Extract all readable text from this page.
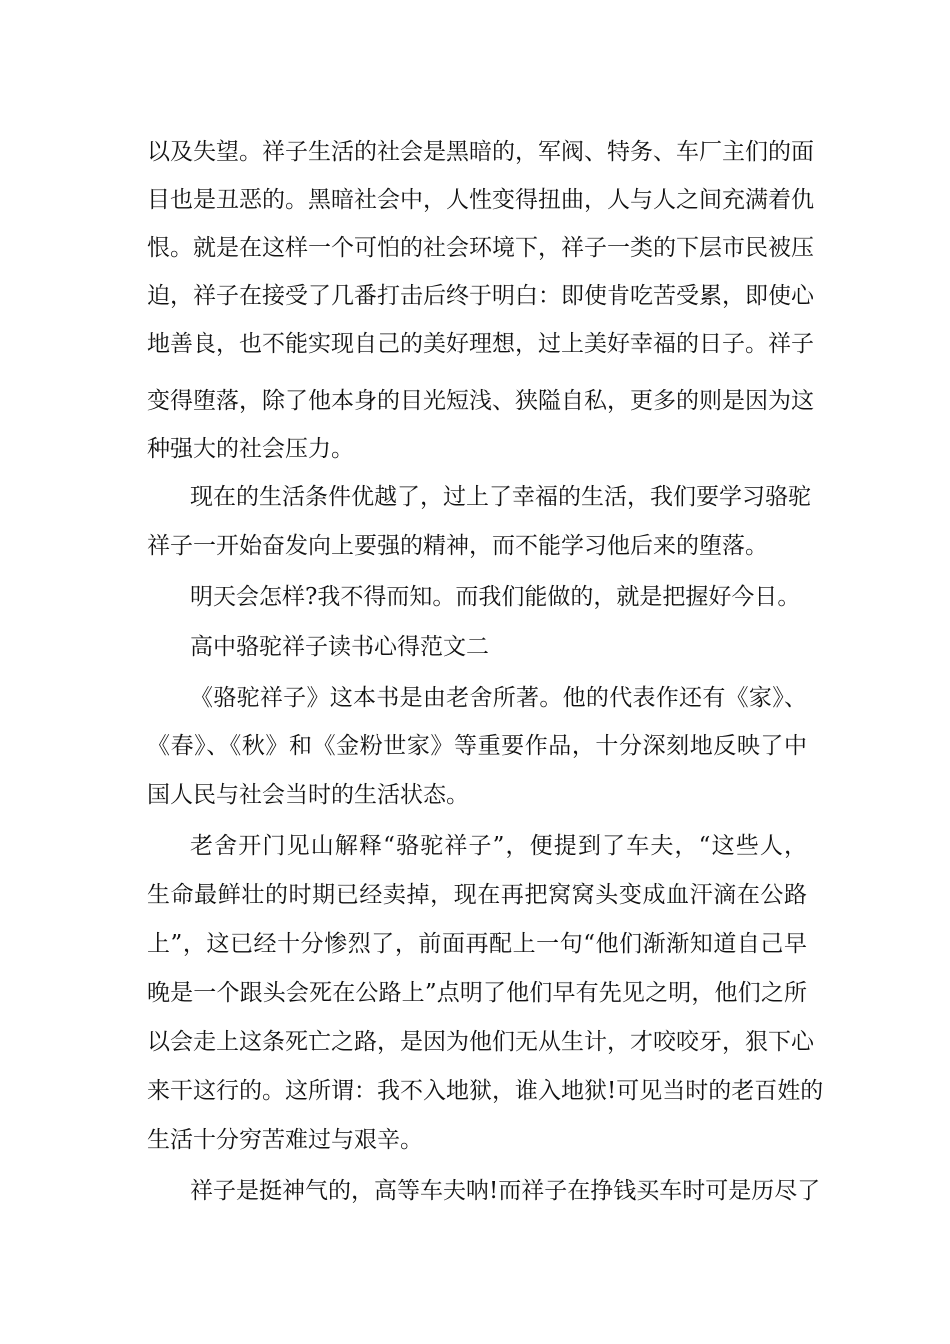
以及失望。祥子生活的社会是黑暗的，军阀、特务、车厂主们的面
目也是丑恶的。黑暗社会中，人性变得扭曲，人与人之间充满着仇
恨。就是在这样一个可怕的社会环境下，祥子一类的下层市民被压
迫，祥子在接受了几番打击后终于明白：即使肯吃苦受累，即使心
地善良，也不能实现自己的美好理想，过上美好幸福的日子。祥子
变得堕落，除了他本身的目光短浅、狭隘自私，更多的则是因为这
种强大的社会压力。
现在的生活条件优越了，过上了幸福的生活，我们要学习骆驼
祥子一开始奋发向上要强的精神，而不能学习他后来的堕落。
明天会怎样?我不得而知。而我们能做的，就是把握好今日。
高中骆驼祥子读书心得范文二
《骆驼祥子》这本书是由老舍所著。他的代表作还有《家》、
《春》、《秋》和《金粉世家》等重要作品，十分深刻地反映了中
国人民与社会当时的生活状态。
老舍开门见山解释“骆驼祥子”，便提到了车夫，“这些人，
生命最鲜壮的时期已经卖掉，现在再把窝窝头变成血汗滴在公路
上”，这已经十分惨烈了，前面再配上一句“他们渐渐知道自己早
晚是一个跟头会死在公路上”点明了他们早有先见之明，他们之所
以会走上这条死亡之路，是因为他们无从生计，才咬咬牙，狠下心
来干这行的。这所谓：我不入地狱，谁入地狱!可见当时的老百姓的
生活十分穷苦难过与艰辛。
祥子是挺神气的，高等车夫呐!而祥子在挣钱买车时可是历尽了
